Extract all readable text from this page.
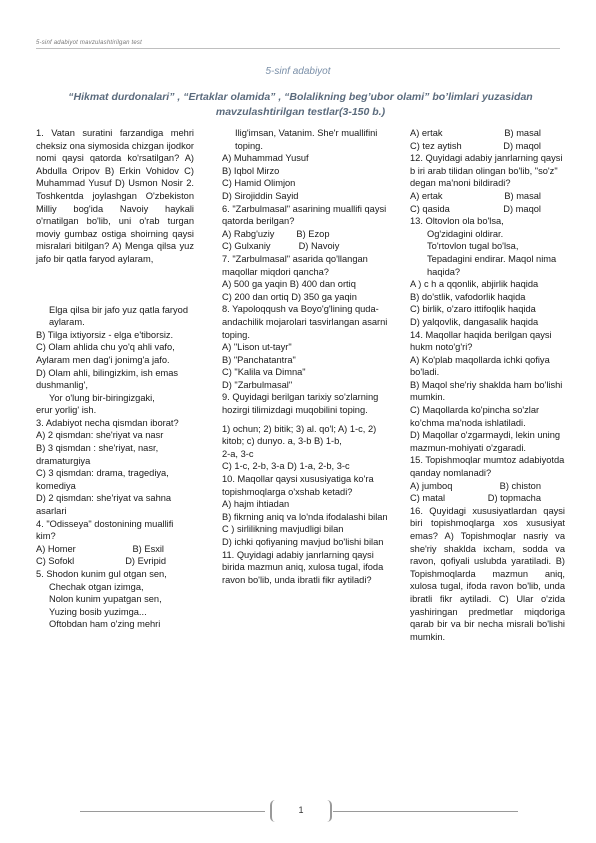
5-sinf adabiyot mavzulashtirilgan test
5-sinf adabiyot
“Hikmat durdonalari” , “Ertaklar olamida” , “Bolalikning beg’ubor olami” bo’limlari yuzasidan mavzulashtirilgan testlar(3-150 b.)

1. Vatan suratini farzandiga mehri cheksiz ona siymosida chizgan ijodkor nomi qaysi qatorda ko'rsatilgan? A) Abdulla Oripov B) Erkin Vohidov C) Muhammad Yusuf D) Usmon Nosir 2. Toshkentda joylashgan O'zbekiston Milliy bog'ida Navoiy haykali o'rnatilgan bo'lib, uni o'rab turgan moviy gumbaz ostiga shoirning qaysi misralari bitilgan? A) Menga qilsa yuz jafo bir qatla faryod aylaram,

Elga qilsa bir jafo yuz qatla faryod aylaram.

B) Tilga ixtiyorsiz - elga e'tiborsiz.

C) Olam ahlida chu yo'q ahli vafo, Aylaram men dag'i jonimg'a jafo.

D) Olam ahli, bilingizkim, ish emas dushmanlig',

Yor o'lung bir-biringizgaki,

erur yorlig' ish.

3. Adabiyot necha qismdan iborat?

A) 2 qismdan: she'riyat va nasr

B) 3 qismdan : she'riyat, nasr, dramaturgiya

C) 3 qismdan: drama, tragediya, komediya

D) 2 qismdan: she'riyat va sahna asarlari

4. "Odisseya" dostonining muallifi kim?

A) Homer	B) Esxil
C) Sofokl	D) Evripid

5. Shodon kunim gul otgan sen,

Chechak otgan izimga,

Nolon kunim yupatgan sen,

Yuzing bosib yuzimga...

Oftobdan ham o'zing mehri

Ilig'imsan, Vatanim. She'r muallifini toping.

A) Muhammad Yusuf

B) Iqbol Mirzo

C) Hamid Olimjon

D) Sirojiddin Sayid

6. "Zarbulmasal" asarining muallifi qaysi qatorda berilgan?

A) Rabg'uziy B) Ezop
C) Gulxaniy	D) Navoiy

7. "Zarbulmasal" asarida qo'llangan maqollar miqdori qancha?

A) 500 ga yaqin B) 400 dan ortiq

C) 200 dan ortiq D) 350 ga yaqin

8. Yapoloqqush va Boyo'g'lining quda-andachilik mojarolari tasvirlangan asarni toping.

A) "Lison ut-tayr"

B) "Panchatantra"

C) "Kalila va Dimna"

D) "Zarbulmasal"

9. Quyidagi berilgan tarixiy so'zlarning hozirgi tilimizdagi muqobilini toping.

1) ochun; 2) bitik; 3) al. qo'l; A) 1-c, 2) kitob; c) dunyo. a, 3-b B) 1-b,

2-a, 3-c

C) 1-c, 2-b, 3-a D) 1-a, 2-b, 3-c

10. Maqollar qaysi xususiyatiga ko'ra topishmoqlarga o'xshab ketadi?

A) hajm ihtiadan

B) fikrning aniq va lo'nda ifodalashi bilan

C ) sirlilikning mavjudligi bilan

D) ichki qofiyaning mavjud bo'lishi bilan

11. Quyidagi adabiy janrlarning qaysi birida mazmun aniq, xulosa tugal, ifoda ravon bo'lib, unda ibratli fikr aytiladi?

A) ertak	B) masal
C) tez aytish	D) maqol

12. Quyidagi adabiy janrlarning qaysi b iri arab tilidan olingan bo'lib, "so'z" degan ma'noni bildiradi?

A) ertak	B) masal
C) qasida	D) maqol

13. Oltovlon ola bo'lsa,

Og'zidagini oldirar.

To'rtovlon tugal bo'lsa,

Tepadagini endirar. Maqol nima haqida?

A ) c h a qqonlik, abjirlik haqida

B) do'stlik, vafodorlik haqida

C) birlik, o'zaro ittifoqlik haqida

D) yalqovlik, dangasalik haqida

14. Maqollar haqida berilgan qaysi hukm noto'g'ri?

A) Ko'plab maqollarda ichki qofiya bo'ladi.

B) Maqol she'riy shaklda ham bo'lishi mumkin.

C) Maqollarda ko'pincha so'zlar ko'chma ma'noda ishlatiladi.

D) Maqollar o'zgarmaydi, lekin uning mazmun-mohiyati o'zgaradi.

15. Topishmoqlar mumtoz adabiyotda qanday nomlanadi?

A) jumboq	B) chiston
C) matal	D) topmacha

16. Quyidagi xususiyatlardan qaysi biri topishmoqlarga xos xususiyat emas? A) Topishmoqlar nasriy va she'riy shaklda ixcham, sodda va ravon, qofiyali uslubda yaratiladi. B) Topishmoqlarda mazmun aniq, xulosa tugal, ifoda ravon bo'lib, unda ibratli fikr aytiladi. C) Ular o'zida yashiringan predmetlar miqdoriga qarab bir va bir necha misrali bo'lishi mumkin.

1
